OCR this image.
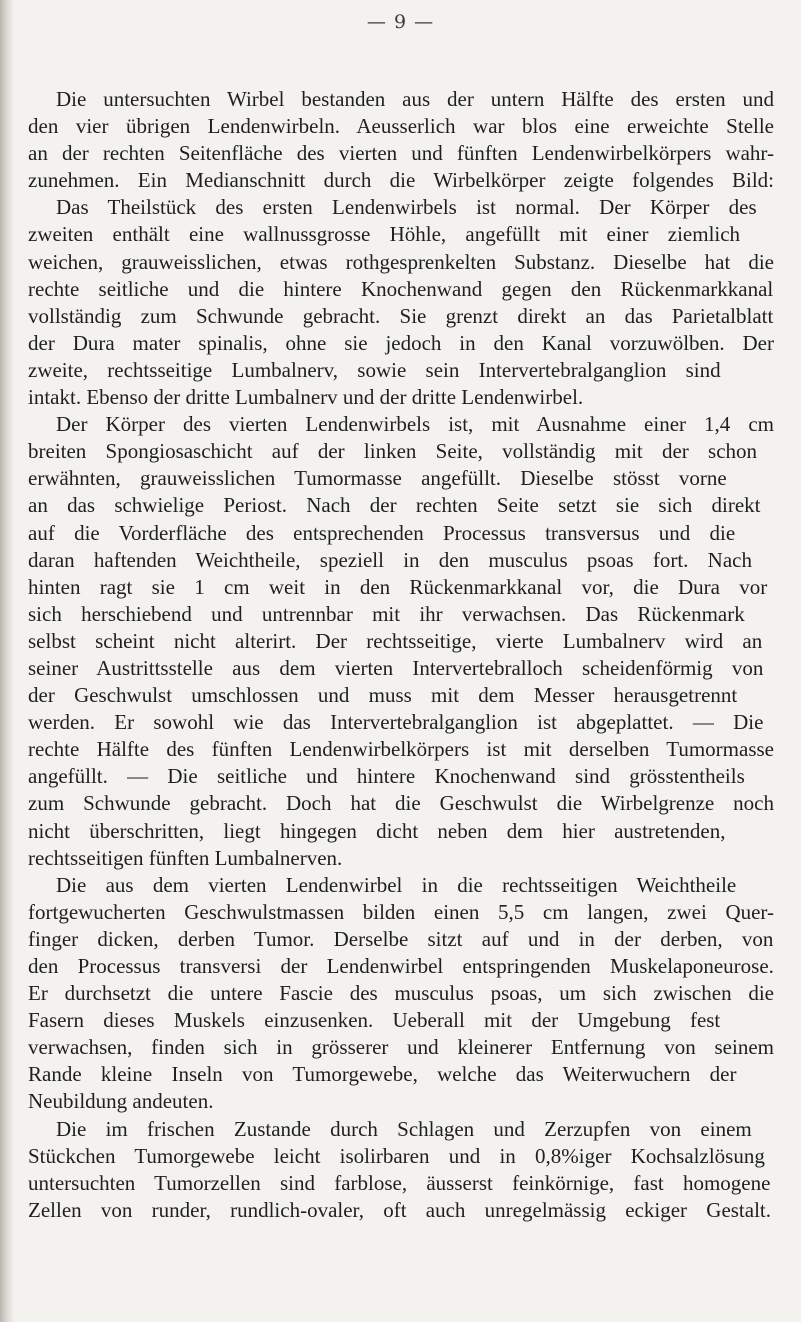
— 9 —
Die untersuchten Wirbel bestanden aus der untern Hälfte des ersten und
den vier übrigen Lendenwirbeln. Aeusserlich war blos eine erweichte Stelle
an der rechten Seitenfläche des vierten und fünften Lendenwirbelkörpers wahr-
zunehmen. Ein Medianschnitt durch die Wirbelkörper zeigte folgendes Bild:
Das Theilstück des ersten Lendenwirbels ist normal. Der Körper des
zweiten enthält eine wallnussgrosse Höhle, angefüllt mit einer ziemlich
weichen, grauweisslichen, etwas rothgesprenkelten Substanz. Dieselbe hat die
rechte seitliche und die hintere Knochenwand gegen den Rückenmarkkanal
vollständig zum Schwunde gebracht. Sie grenzt direkt an das Parietalblatt
der Dura mater spinalis, ohne sie jedoch in den Kanal vorzuwölben. Der
zweite, rechtsseitige Lumbalnerv, sowie sein Intervertebralganglion sind
intakt. Ebenso der dritte Lumbalnerv und der dritte Lendenwirbel.
Der Körper des vierten Lendenwirbels ist, mit Ausnahme einer 1,4 cm
breiten Spongiosaschicht auf der linken Seite, vollständig mit der schon
erwähnten, grauweisslichen Tumormasse angefüllt. Dieselbe stösst vorne
an das schwielige Periost. Nach der rechten Seite setzt sie sich direkt
auf die Vorderfläche des entsprechenden Processus transversus und die
daran haftenden Weichtheile, speziell in den musculus psoas fort. Nach
hinten ragt sie 1 cm weit in den Rückenmarkkanal vor, die Dura vor
sich herschiebend und untrennbar mit ihr verwachsen. Das Rückenmark
selbst scheint nicht alterirt. Der rechtsseitige, vierte Lumbalnerv wird an
seiner Austrittsstelle aus dem vierten Intervertebralloch scheidenförmig von
der Geschwulst umschlossen und muss mit dem Messer herausgetrennt
werden. Er sowohl wie das Intervertebralganglion ist abgeplattet. — Die
rechte Hälfte des fünften Lendenwirbelkörpers ist mit derselben Tumormasse
angefüllt. — Die seitliche und hintere Knochenwand sind grösstentheils
zum Schwunde gebracht. Doch hat die Geschwulst die Wirbelgrenze noch
nicht überschritten, liegt hingegen dicht neben dem hier austretenden,
rechtsseitigen fünften Lumbalnerven.
Die aus dem vierten Lendenwirbel in die rechtsseitigen Weichtheile
fortgewucherten Geschwulstmassen bilden einen 5,5 cm langen, zwei Quer-
finger dicken, derben Tumor. Derselbe sitzt auf und in der derben, von
den Processus transversi der Lendenwirbel entspringenden Muskelaponeurose.
Er durchsetzt die untere Fascie des musculus psoas, um sich zwischen die
Fasern dieses Muskels einzusenken. Ueberall mit der Umgebung fest
verwachsen, finden sich in grösserer und kleinerer Entfernung von seinem
Rande kleine Inseln von Tumorgewebe, welche das Weiterwuchern der
Neubildung andeuten.
Die im frischen Zustande durch Schlagen und Zerzupfen von einem
Stückchen Tumorgewebe leicht isolirbaren und in 0,8%iger Kochsalzlösung
untersuchten Tumorzellen sind farblose, äusserst feinkörnige, fast homogene
Zellen von runder, rundlich-ovaler, oft auch unregelmässig eckiger Gestalt.
